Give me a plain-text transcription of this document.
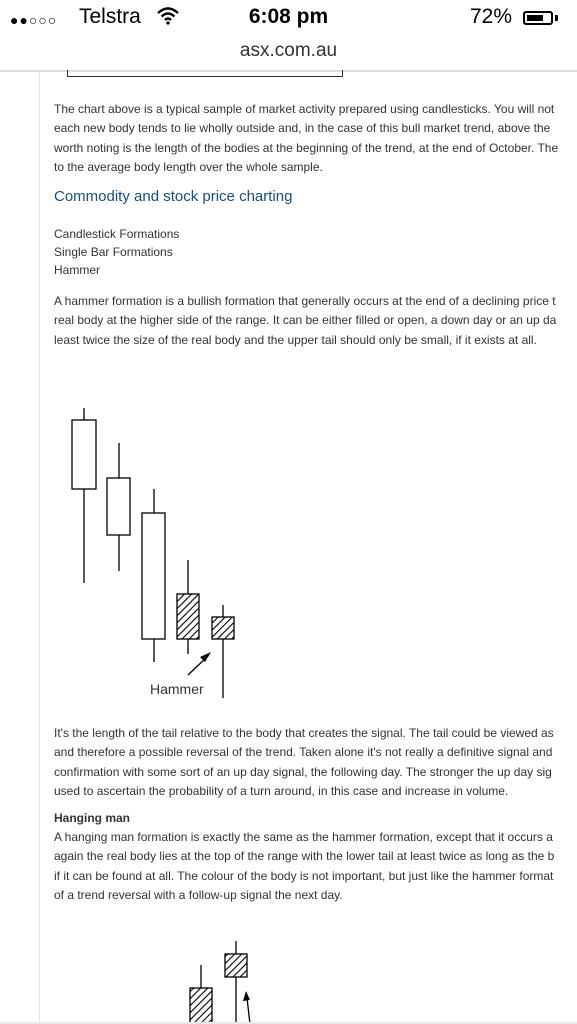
●●○○○ Telstra	6:08 pm	72%
asx.com.au
The chart above is a typical sample of market activity prepared using candlesticks. You will not
each new body tends to lie wholly outside and, in the case of this bull market trend, above the
worth noting is the length of the bodies at the beginning of the trend, at the end of October. The
to the average body length over the whole sample.
Commodity and stock price charting
Candlestick Formations
Single Bar Formations
Hammer
A hammer formation is a bullish formation that generally occurs at the end of a declining price t
real body at the higher side of the range. It can be either filled or open, a down day or an up da
least twice the size of the real body and the upper tail should only be small, if it exists at all.
Hammer
It's the length of the tail relative to the body that creates the signal. The tail could be viewed as
and therefore a possible reversal of the trend. Taken alone it's not really a definitive signal and
confirmation with some sort of an up day signal, the following day. The stronger the up day sig
used to ascertain the probability of a turn around, in this case and increase in volume.
Hanging man
A hanging man formation is exactly the same as the hammer formation, except that it occurs a
again the real body lies at the top of the range with the lower tail at least twice as long as the b
if it can be found at all. The colour of the body is not important, but just like the hammer format
of a trend reversal with a follow-up signal the next day.
